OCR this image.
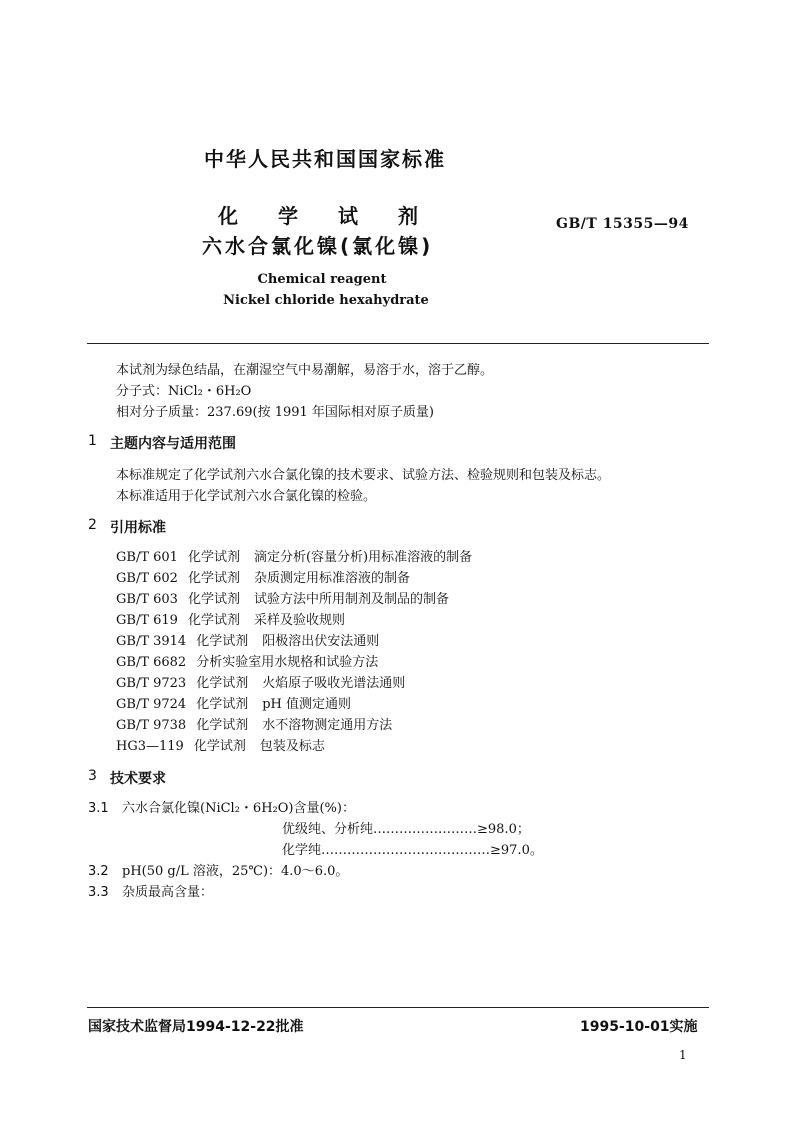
中华人民共和国国家标准
化　　学　　试　　剂
六水合氯化镍(氯化镍)
GB/T 15355—94
Chemical reagent
Nickel chloride hexahydrate
本试剂为绿色结晶，在潮湿空气中易潮解，易溶于水，溶于乙醇。
分子式：NiCl₂・6H₂O
相对分子质量：237.69(按 1991 年国际相对原子质量)
1 主题内容与适用范围
本标准规定了化学试剂六水合氯化镍的技术要求、试验方法、检验规则和包装及标志。
本标准适用于化学试剂六水合氯化镍的检验。
2 引用标准
GB/T 601 化学试剂 滴定分析(容量分析)用标准溶液的制备
GB/T 602 化学试剂 杂质测定用标准溶液的制备
GB/T 603 化学试剂 试验方法中所用制剂及制品的制备
GB/T 619 化学试剂 采样及验收规则
GB/T 3914 化学试剂 阳极溶出伏安法通则
GB/T 6682 分析实验室用水规格和试验方法
GB/T 9723 化学试剂 火焰原子吸收光谱法通则
GB/T 9724 化学试剂 pH 值测定通则
GB/T 9738 化学试剂 水不溶物测定通用方法
HG3—119 化学试剂 包装及标志
3 技术要求
3.1 六水合氯化镍(NiCl₂・6H₂O)含量(%)：
优级纯、分析纯……………………≥98.0；
化学纯…………………………………≥97.0。
3.2 pH(50 g/L 溶液，25℃)：4.0～6.0。
3.3 杂质最高含量：
国家技术监督局1994-12-22批准	1995-10-01实施
1
